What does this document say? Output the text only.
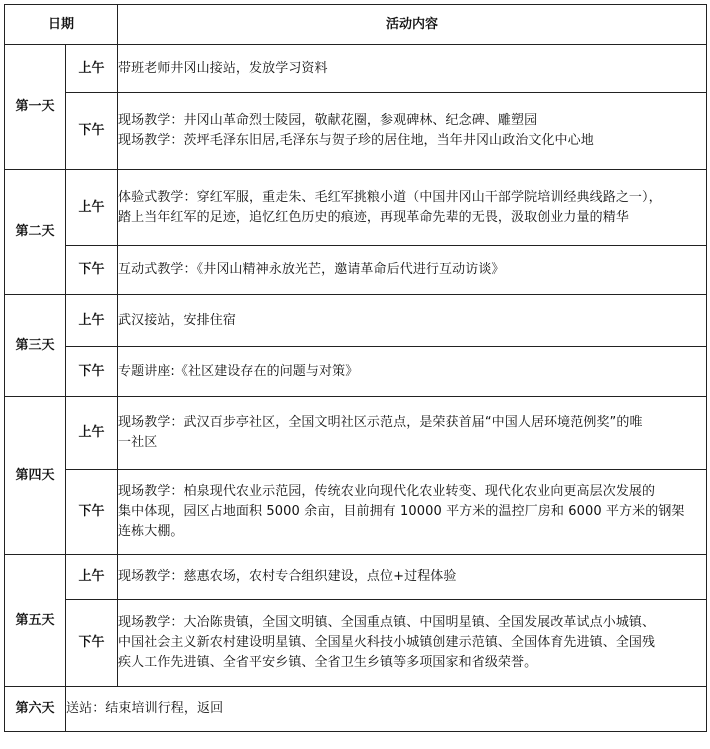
日期		活动内容
第一天	上午	带班老师井冈山接站，发放学习资料

	下午	现场教学：井冈山革命烈士陵园，敬献花圈，参观碑林、纪念碑、雕塑园
现场教学：茨坪毛泽东旧居,毛泽东与贺子珍的居住地，当年井冈山政治文化中心地

第二天	上午	体验式教学：穿红军服，重走朱、毛红军挑粮小道（中国井冈山干部学院培训经典线路之一），
踏上当年红军的足迹，追忆红色历史的痕迹，再现革命先辈的无畏，汲取创业力量的精华

	下午	互动式教学：《井冈山精神永放光芒，邀请革命后代进行互动访谈》

第三天	上午	武汉接站，安排住宿

	下午	专题讲座:《社区建设存在的问题与对策》

第四天	上午	现场教学：武汉百步亭社区，全国文明社区示范点，是荣获首届“中国人居环境范例奖”的唯
一社区

	下午	现场教学：柏泉现代农业示范园，传统农业向现代化农业转变、现代化农业向更高层次发展的
集中体现，园区占地面积 5000 余亩，目前拥有 10000 平方米的温控厂房和 6000 平方米的钢架
连栋大棚。

第五天	上午	现场教学：慈惠农场，农村专合组织建设，点位+过程体验

	下午	现场教学：大冶陈贵镇，全国文明镇、全国重点镇、中国明星镇、全国发展改革试点小城镇、
中国社会主义新农村建设明星镇、全国星火科技小城镇创建示范镇、全国体育先进镇、全国残
疾人工作先进镇、全省平安乡镇、全省卫生乡镇等多项国家和省级荣誉。

第六天	送站：结束培训行程，返回	
